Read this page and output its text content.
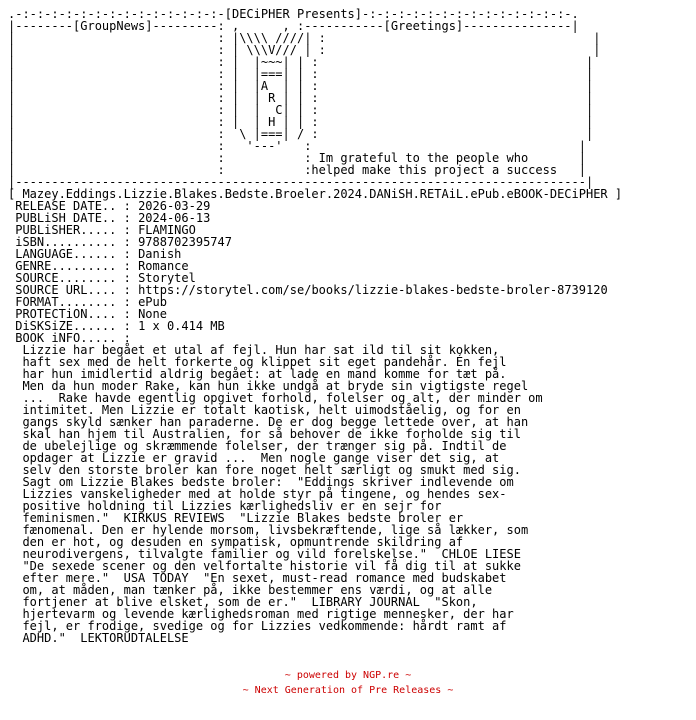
.-:-:-:-:-:-:-:-:-:-:-:-:-:-:-[DECiPHER Presents]-:-:-:-:-:-:-:-:-:-:-:-:-:-:-.
|--------[GroupNews]---------: ,      , :-----------[Greetings]---------------|
|                            : |\\\\ ////| :                                     |
|                            : | \\\V/// | :                                     |
|                            : |  |~~~| | :                                     |
|                            : |  |===| | :                                     |
|                            : |  |A  | | :                                     |
|                            : |  | R | | :                                     |
|                            : |  |  C| | :                                     |
|                            : |  | H | | :                                     |
|                            :  \ |===| / :                                     |
|                            :   '---'   :                                     |
|                            :           : Im grateful to the people who       |
|                            :           :helped make this project a success   |
|-------------------------------------------------------------------------------|
[ Mazey.Eddings.Lizzie.Blakes.Bedste.Broeler.2024.DANiSH.RETAiL.ePub.eBOOK-DECiPHER ]
RELEASE DATE.. : 2026-03-29
PUBLiSH DATE.. : 2024-06-13
PUBLiSHER..... : FLAMINGO
iSBN.......... : 9788702395747
LANGUAGE...... : Danish
GENRE......... : Romance
SOURCE........ : Storytel
SOURCE URL.... : https://storytel.com/se/books/lizzie-blakes-bedste-broler-8739120
FORMAT........ : ePub
PROTECTiON.... : None
DiSKSiZE...... : 1 x 0.414 MB
BOOK iNFO..... :
Lizzie har begået et utal af fejl. Hun har sat ild til sit kokken,
haft sex med de helt forkerte og klippet sit eget pandehår. Én fejl
har hun imidlertid aldrig begået: at lade en mand komme for tæt på.
Men da hun moder Rake, kan hun ikke undgå at bryde sin vigtigste regel
...  Rake havde egentlig opgivet forhold, folelser og alt, der minder om
intimitet. Men Lizzie er totalt kaotisk, helt uimodståelig, og for en
gangs skyld sænker han paraderne. De er dog begge lettede over, at han
skal han hjem til Australien, for så behover de ikke forholde sig til
de ubelejlige og skræmmende folelser, der trænger sig på. Indtil de
opdager at Lizzie er gravid ...  Men nogle gange viser det sig, at
selv den storste broler kan fore noget helt særligt og smukt med sig.
Sagt om Lizzie Blakes bedste broler:  "Eddings skriver indlevende om
Lizzies vanskeligheder med at holde styr på tingene, og hendes sex-
positive holdning til Lizzies kærlighedsliv er en sejr for
feminismen."  KIRKUS REVIEWS  "Lizzie Blakes bedste broler er
fænomenal. Den er hylende morsom, livsbekræftende, lige så lækker, som
den er hot, og desuden en sympatisk, opmuntrende skildring af
neurodivergens, tilvalgte familier og vild forelskelse."  CHLOE LIESE
"De sexede scener og den velfortalte historie vil få dig til at sukke
efter mere."  USA TODAY  "En sexet, must-read romance med budskabet
om, at måden, man tænker på, ikke bestemmer ens værdi, og at alle
fortjener at blive elsket, som de er."  LIBRARY JOURNAL  "Skon,
hjertevarm og levende kærlighedsroman med rigtige mennesker, der har
fejl, er frodige, svedige og for Lizzies vedkommende: hårdt ramt af
ADHD."  LEKTORUDTALELSE
~ powered by NGP.re ~
~ Next Generation of Pre Releases ~
